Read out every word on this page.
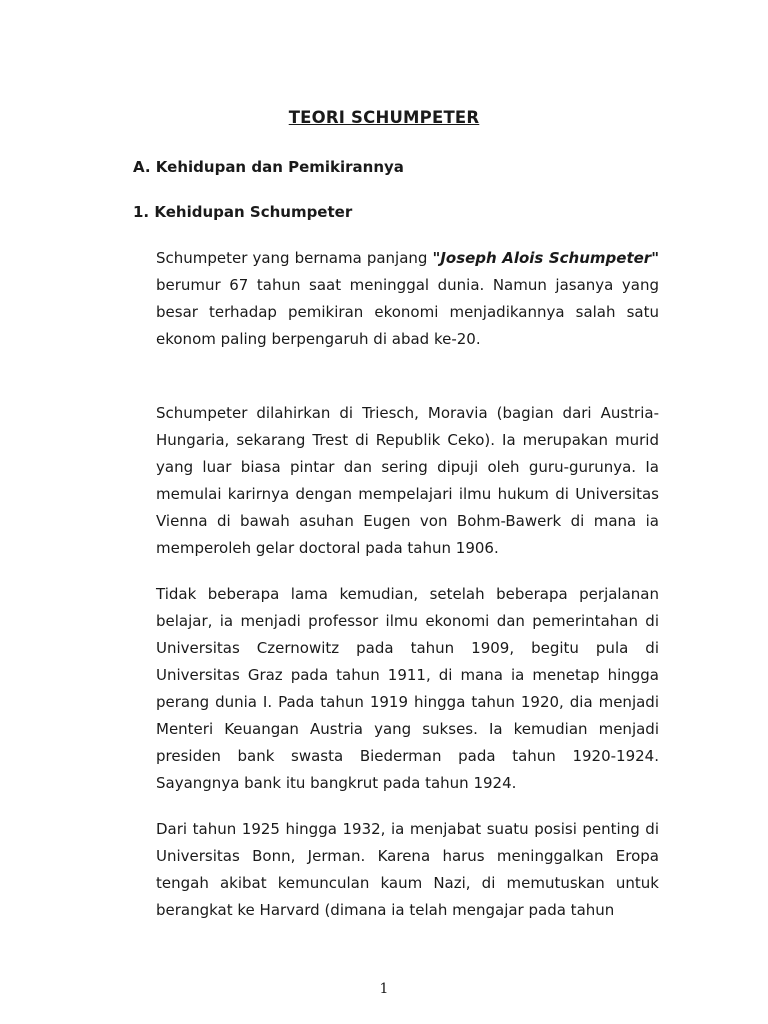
TEORI SCHUMPETER
A. Kehidupan dan Pemikirannya
1. Kehidupan Schumpeter

Schumpeter yang bernama panjang "Joseph Alois Schumpeter" berumur 67 tahun saat meninggal dunia. Namun jasanya yang besar terhadap pemikiran ekonomi menjadikannya salah satu ekonom paling berpengaruh di abad ke-20.

Schumpeter dilahirkan di Triesch, Moravia (bagian dari Austria-Hungaria, sekarang Trest di Republik Ceko). Ia merupakan murid yang luar biasa pintar dan sering dipuji oleh guru-gurunya. Ia memulai karirnya dengan mempelajari ilmu hukum di Universitas Vienna di bawah asuhan Eugen von Bohm-Bawerk di mana ia memperoleh gelar doctoral pada tahun 1906.

Tidak beberapa lama kemudian, setelah beberapa perjalanan belajar, ia menjadi professor ilmu ekonomi dan pemerintahan di Universitas Czernowitz pada tahun 1909, begitu pula di Universitas Graz pada tahun 1911, di mana ia menetap hingga perang dunia I. Pada tahun 1919 hingga tahun 1920, dia menjadi Menteri Keuangan Austria yang sukses. Ia kemudian menjadi presiden bank swasta Biederman pada tahun 1920-1924. Sayangnya bank itu bangkrut pada tahun 1924.

Dari tahun 1925 hingga 1932, ia menjabat suatu posisi penting di Universitas Bonn, Jerman. Karena harus meninggalkan Eropa tengah akibat kemunculan kaum Nazi, di memutuskan untuk berangkat ke Harvard (dimana ia telah mengajar pada tahun

1
